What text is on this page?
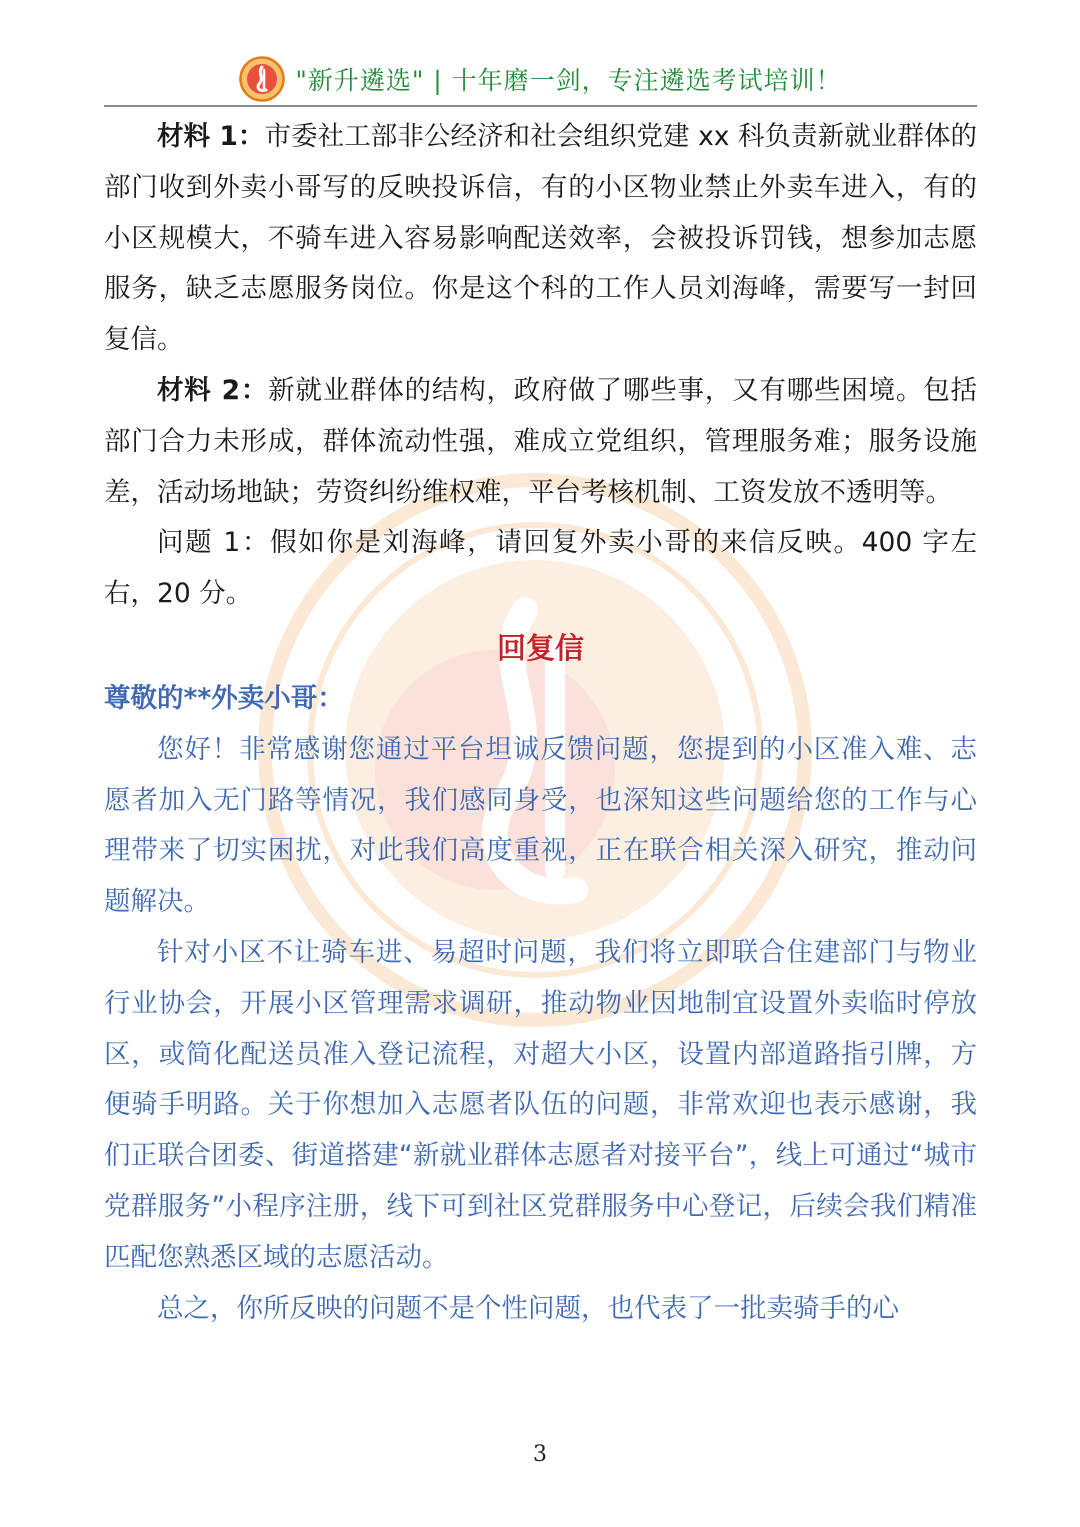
"新升遴选" | 十年磨一剑，专注遴选考试培训！

材料 1：市委社工部非公经济和社会组织党建 xx 科负责新就业群体的部门收到外卖小哥写的反映投诉信，有的小区物业禁止外卖车进入，有的小区规模大，不骑车进入容易影响配送效率，会被投诉罚钱，想参加志愿服务，缺乏志愿服务岗位。你是这个科的工作人员刘海峰，需要写一封回复信。

材料 2：新就业群体的结构，政府做了哪些事，又有哪些困境。包括部门合力未形成，群体流动性强，难成立党组织，管理服务难；服务设施差，活动场地缺；劳资纠纷维权难，平台考核机制、工资发放不透明等。

问题 1：假如你是刘海峰，请回复外卖小哥的来信反映。400 字左右，20 分。

回复信

尊敬的**外卖小哥：

您好！非常感谢您通过平台坦诚反馈问题，您提到的小区准入难、志愿者加入无门路等情况，我们感同身受，也深知这些问题给您的工作与心理带来了切实困扰，对此我们高度重视，正在联合相关深入研究，推动问题解决。

针对小区不让骑车进、易超时问题，我们将立即联合住建部门与物业行业协会，开展小区管理需求调研，推动物业因地制宜设置外卖临时停放区，或简化配送员准入登记流程，对超大小区，设置内部道路指引牌，方便骑手明路。关于你想加入志愿者队伍的问题，非常欢迎也表示感谢，我们正联合团委、街道搭建“新就业群体志愿者对接平台”，线上可通过“城市党群服务”小程序注册，线下可到社区党群服务中心登记，后续会我们精准匹配您熟悉区域的志愿活动。

总之，你所反映的问题不是个性问题，也代表了一批卖骑手的心

3
